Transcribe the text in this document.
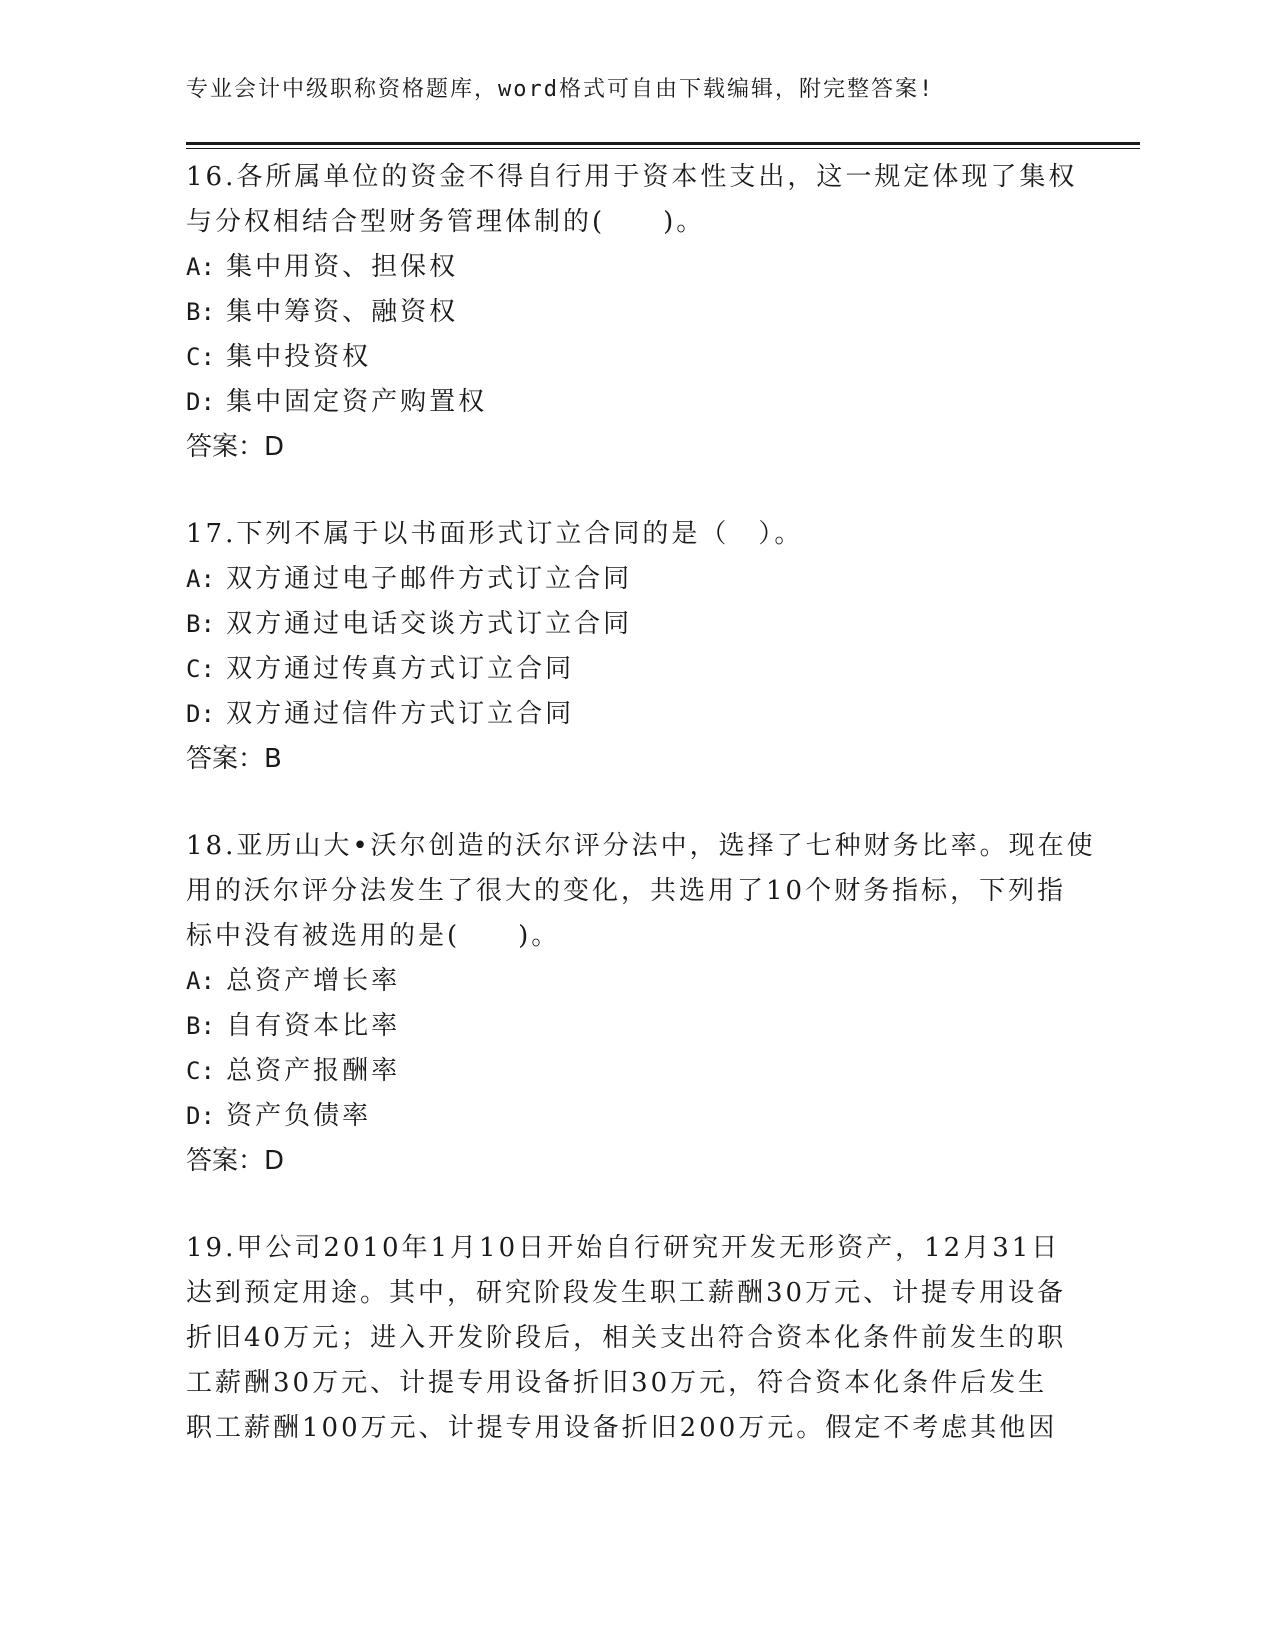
专业会计中级职称资格题库，word格式可自由下载编辑，附完整答案!

16.各所属单位的资金不得自行用于资本性支出，这一规定体现了集权
与分权相结合型财务管理体制的(　　)。

A: 集中用资、担保权
B: 集中筹资、融资权
C: 集中投资权
D: 集中固定资产购置权
答案：D

17.下列不属于以书面形式订立合同的是（　）。

A: 双方通过电子邮件方式订立合同
B: 双方通过电话交谈方式订立合同
C: 双方通过传真方式订立合同
D: 双方通过信件方式订立合同
答案：B

18.亚历山大•沃尔创造的沃尔评分法中，选择了七种财务比率。现在使
用的沃尔评分法发生了很大的变化，共选用了10个财务指标，下列指
标中没有被选用的是(　　)。

A: 总资产增长率
B: 自有资本比率
C: 总资产报酬率
D: 资产负债率
答案：D

19.甲公司2010年1月10日开始自行研究开发无形资产，12月31日
达到预定用途。其中，研究阶段发生职工薪酬30万元、计提专用设备
折旧40万元；进入开发阶段后，相关支出符合资本化条件前发生的职
工薪酬30万元、计提专用设备折旧30万元，符合资本化条件后发生
职工薪酬100万元、计提专用设备折旧200万元。假定不考虑其他因
